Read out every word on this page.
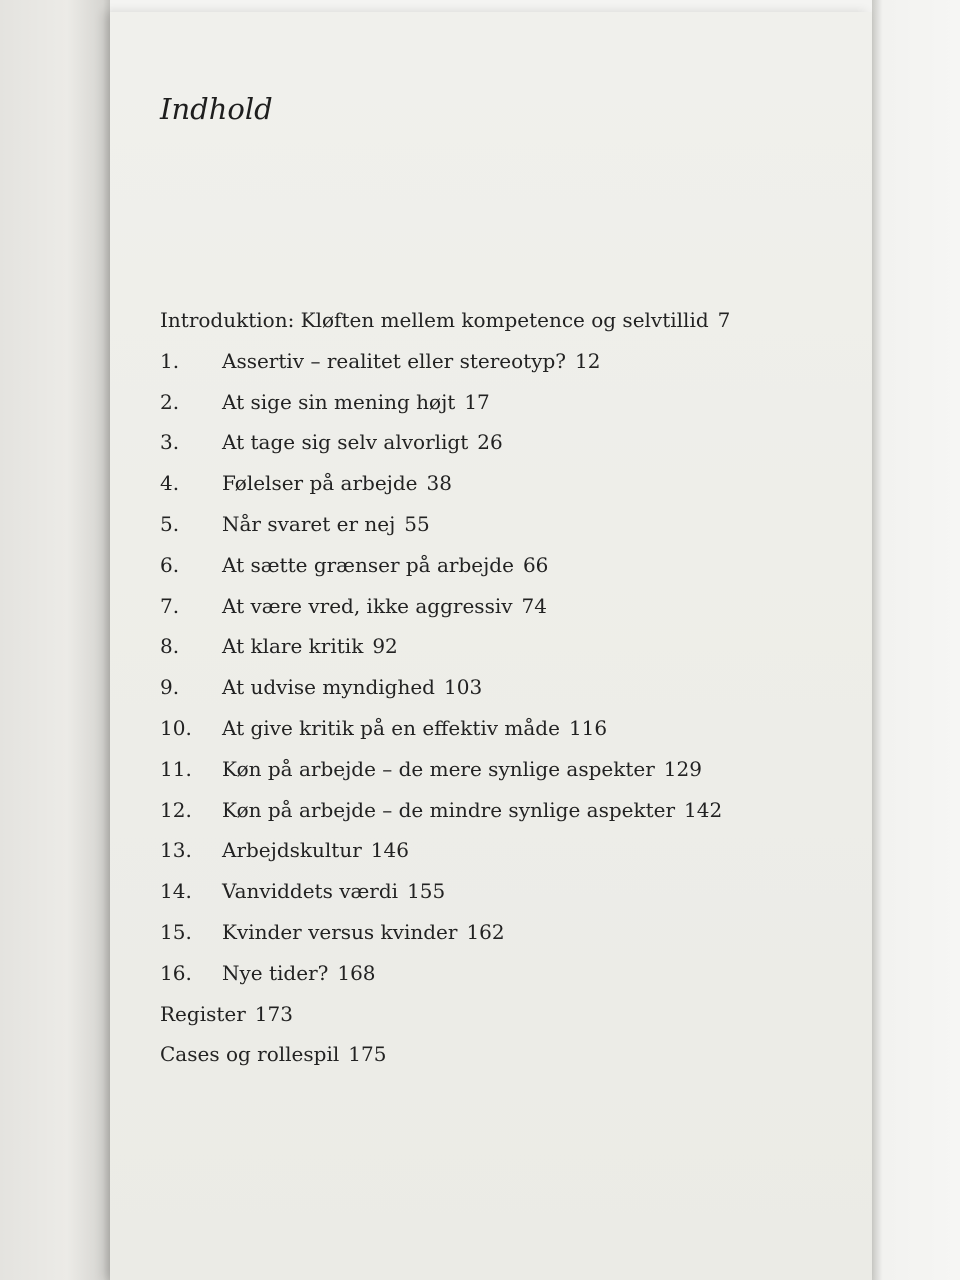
Indhold
Introduktion: Kløften mellem kompetence og selvtillid 7
1. Assertiv – realitet eller stereotyp? 12
2. At sige sin mening højt 17
3. At tage sig selv alvorligt 26
4. Følelser på arbejde 38
5. Når svaret er nej 55
6. At sætte grænser på arbejde 66
7. At være vred, ikke aggressiv 74
8. At klare kritik 92
9. At udvise myndighed 103
10. At give kritik på en effektiv måde 116
11. Køn på arbejde – de mere synlige aspekter 129
12. Køn på arbejde – de mindre synlige aspekter 142
13. Arbejdskultur 146
14. Vanviddets værdi 155
15. Kvinder versus kvinder 162
16. Nye tider? 168
Register 173
Cases og rollespil 175
